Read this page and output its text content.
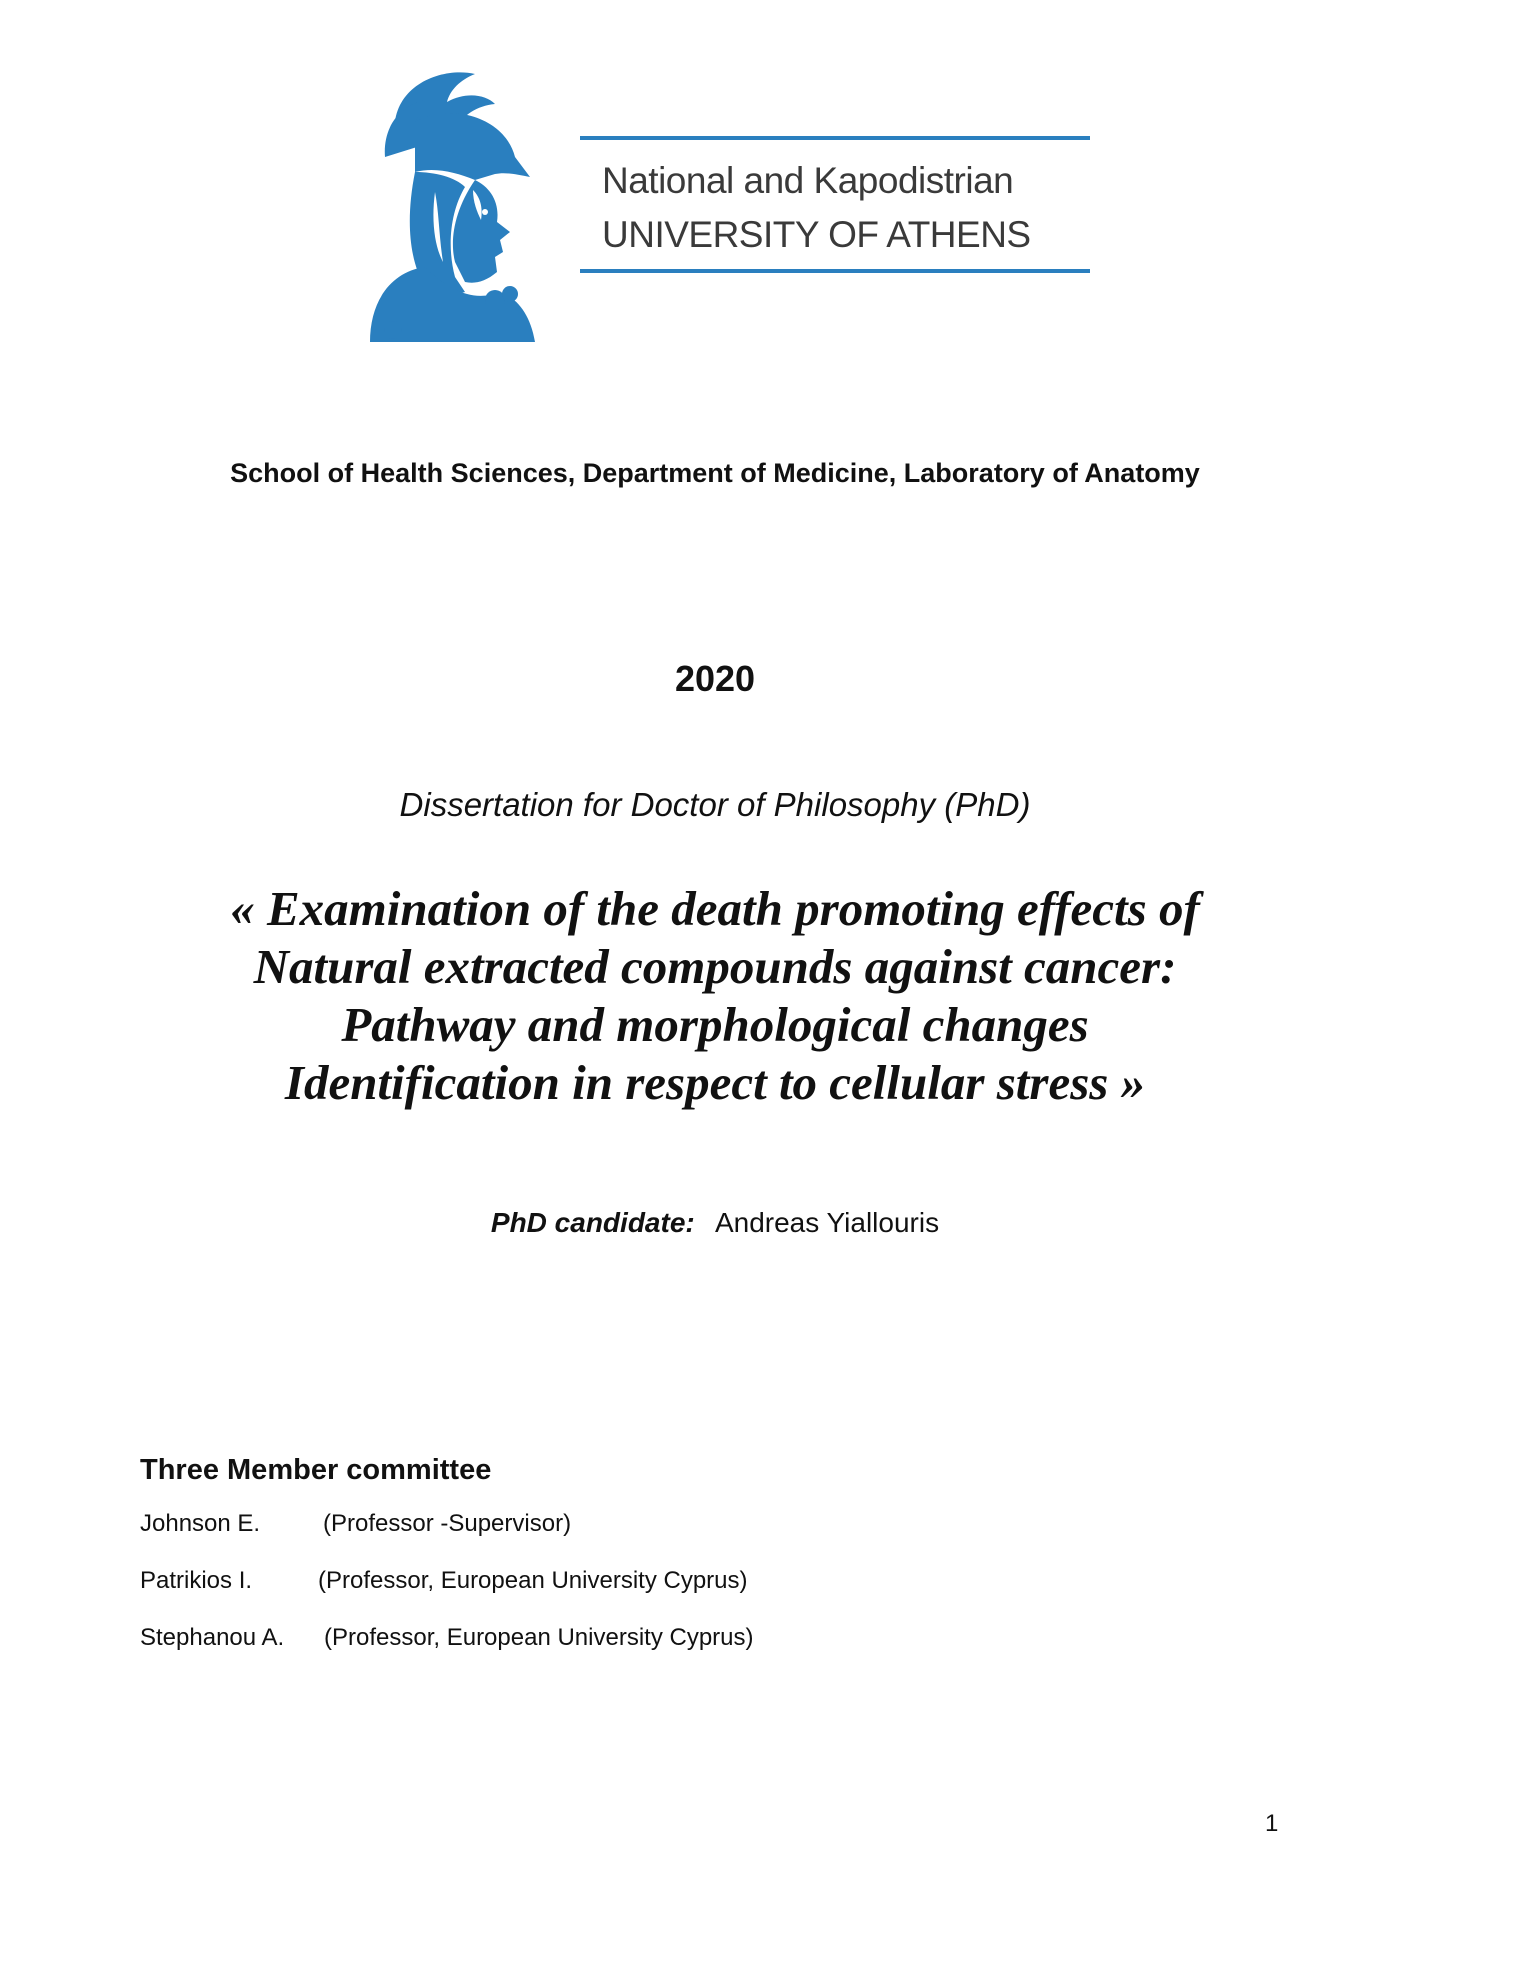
National and Kapodistrian
UNIVERSITY OF ATHENS
School of Health Sciences, Department of Medicine, Laboratory of Anatomy
2020
Dissertation for Doctor of Philosophy (PhD)
« Examination of the death promoting effects of
Natural extracted compounds against cancer:
Pathway and morphological changes
Identification in respect to cellular stress »
PhD candidate: Andreas Yiallouris
Three Member committee
Johnson E.	(Professor -Supervisor)
Patrikios I.	(Professor, European University Cyprus)
Stephanou A. (Professor, European University Cyprus)
1
